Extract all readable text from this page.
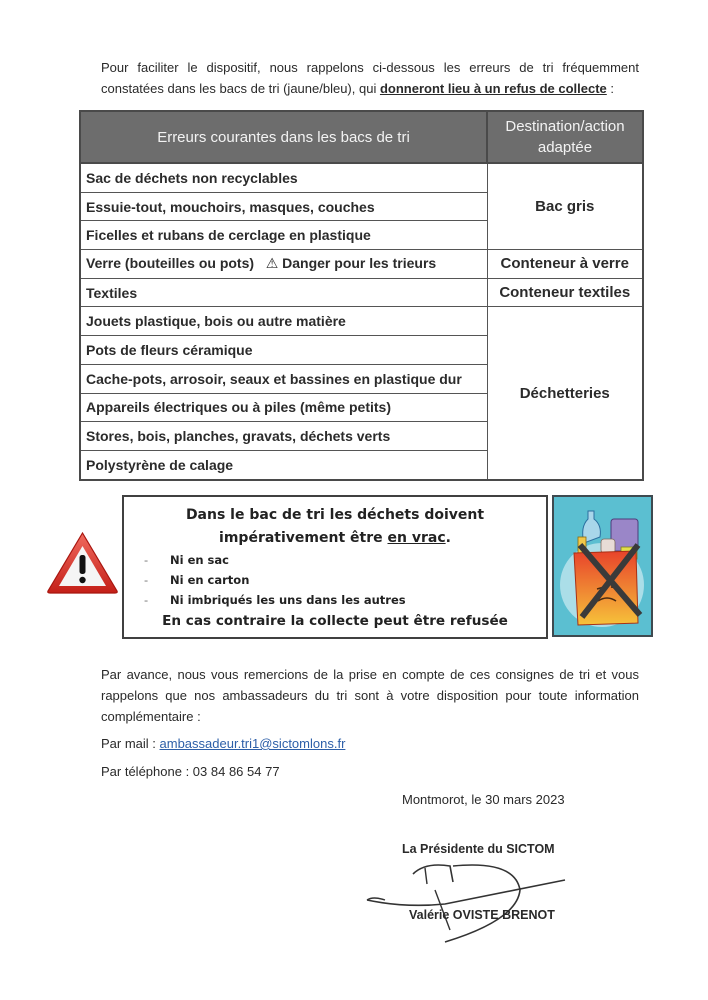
Pour faciliter le dispositif, nous rappelons ci-dessous les erreurs de tri fréquemment constatées dans les bacs de tri (jaune/bleu), qui donneront lieu à un refus de collecte :
Erreurs courantes dans les bacs de tri	Destination/action adaptée
Sac de déchets non recyclables	Bac gris
Essuie-tout, mouchoirs, masques, couches	
Ficelles et rubans de cerclage en plastique	
Verre (bouteilles ou pots)   ⚠ Danger pour les trieurs	Conteneur à verre
Textiles	Conteneur textiles
Jouets plastique, bois ou autre matière	Déchetteries
Pots de fleurs céramique	
Cache-pots, arrosoir, seaux et bassines en plastique dur	
Appareils électriques ou à piles (même petits)	
Stores, bois, planches, gravats, déchets verts	
Polystyrène de calage	
Dans le bac de tri les déchets doivent
impérativement être en vrac.
- Ni en sac
- Ni en carton
- Ni imbriqués les uns dans les autres
En cas contraire la collecte peut être refusée
Par avance, nous vous remercions de la prise en compte de ces consignes de tri et vous rappelons que nos ambassadeurs du tri sont à votre disposition pour toute information complémentaire :
Par mail : ambassadeur.tri1@sictomlons.fr
Par téléphone : 03 84 86 54 77
Montmorot, le 30 mars 2023
La Présidente du SICTOM
Valérie OVISTE BRENOT
